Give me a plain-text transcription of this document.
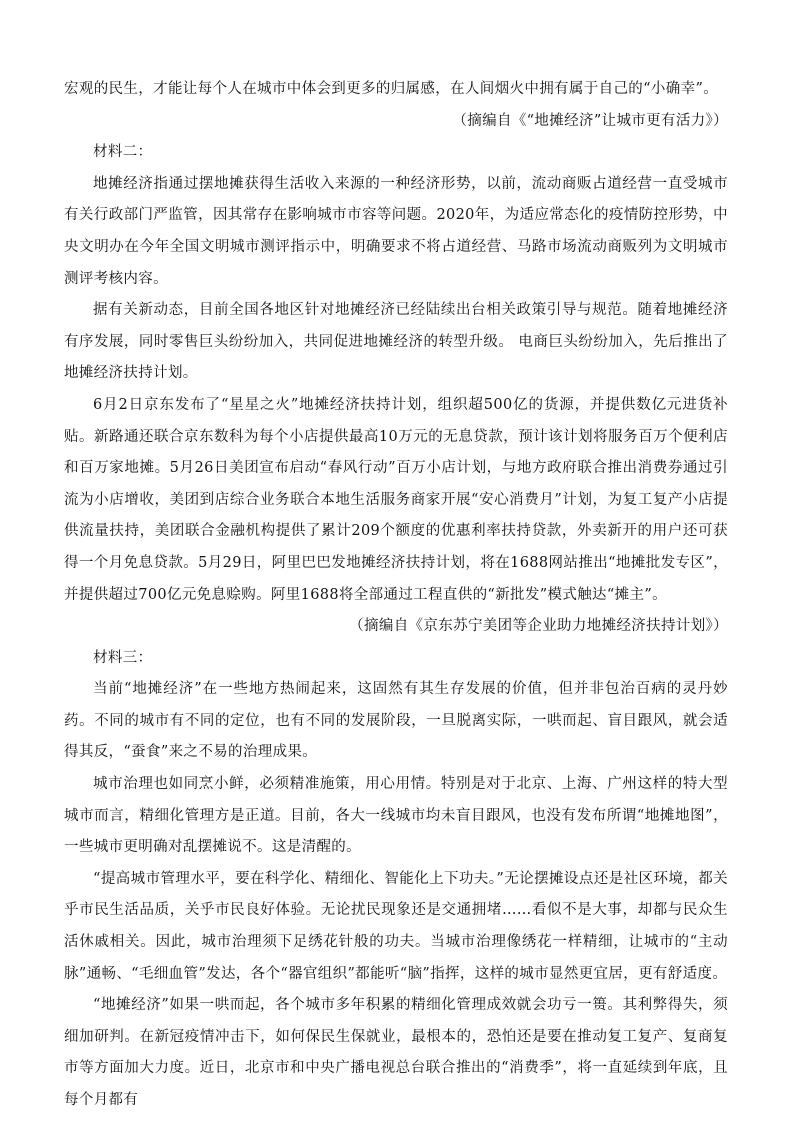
宏观的民生，才能让每个人在城市中体会到更多的归属感，在人间烟火中拥有属于自己的“小确幸”。

（摘编自《“地摊经济”让城市更有活力》）

材料二：

地摊经济指通过摆地摊获得生活收入来源的一种经济形势，以前，流动商贩占道经营一直受城市有关行政部门严监管，因其常存在影响城市市容等问题。2020年，为适应常态化的疫情防控形势，中央文明办在今年全国文明城市测评指示中，明确要求不将占道经营、马路市场流动商贩列为文明城市测评考核内容。

据有关新动态，目前全国各地区针对地摊经济已经陆续出台相关政策引导与规范。随着地摊经济有序发展，同时零售巨头纷纷加入，共同促进地摊经济的转型升级。 电商巨头纷纷加入，先后推出了地摊经济扶持计划。

6月2日京东发布了“星星之火”地摊经济扶持计划，组织超500亿的货源，并提供数亿元进货补贴。新路通还联合京东数科为每个小店提供最高10万元的无息贷款，预计该计划将服务百万个便利店和百万家地摊。5月26日美团宣布启动“春风行动”百万小店计划，与地方政府联合推出消费券通过引流为小店增收，美团到店综合业务联合本地生活服务商家开展“安心消费月”计划，为复工复产小店提供流量扶持，美团联合金融机构提供了累计209个额度的优惠利率扶持贷款，外卖新开的用户还可获得一个月免息贷款。5月29日，阿里巴巴发地摊经济扶持计划，将在1688网站推出“地摊批发专区”，并提供超过700亿元免息赊购。阿里1688将全部通过工程直供的“新批发”模式触达“摊主”。

（摘编自《京东苏宁美团等企业助力地摊经济扶持计划》）

材料三：

当前“地摊经济”在一些地方热闹起来，这固然有其生存发展的价值，但并非包治百病的灵丹妙药。不同的城市有不同的定位，也有不同的发展阶段，一旦脱离实际，一哄而起、盲目跟风，就会适得其反，“蚕食”来之不易的治理成果。

城市治理也如同烹小鲜，必须精准施策，用心用情。特别是对于北京、上海、广州这样的特大型城市而言，精细化管理方是正道。目前，各大一线城市均未盲目跟风，也没有发布所谓“地摊地图”，一些城市更明确对乱摆摊说不。这是清醒的。

“提高城市管理水平，要在科学化、精细化、智能化上下功夫。”无论摆摊设点还是社区环境，都关乎市民生活品质，关乎市民良好体验。无论扰民现象还是交通拥堵……看似不是大事，却都与民众生活休戚相关。因此，城市治理须下足绣花针般的功夫。当城市治理像绣花一样精细，让城市的“主动脉”通畅、“毛细血管”发达，各个“器官组织”都能听“脑”指挥，这样的城市显然更宜居，更有舒适度。

“地摊经济”如果一哄而起，各个城市多年积累的精细化管理成效就会功亏一篑。其利弊得失，须细加研判。在新冠疫情冲击下，如何保民生保就业，最根本的，恐怕还是要在推动复工复产、复商复市等方面加大力度。近日，北京市和中央广播电视总台联合推出的“消费季”，将一直延续到年底，且每个月都有
